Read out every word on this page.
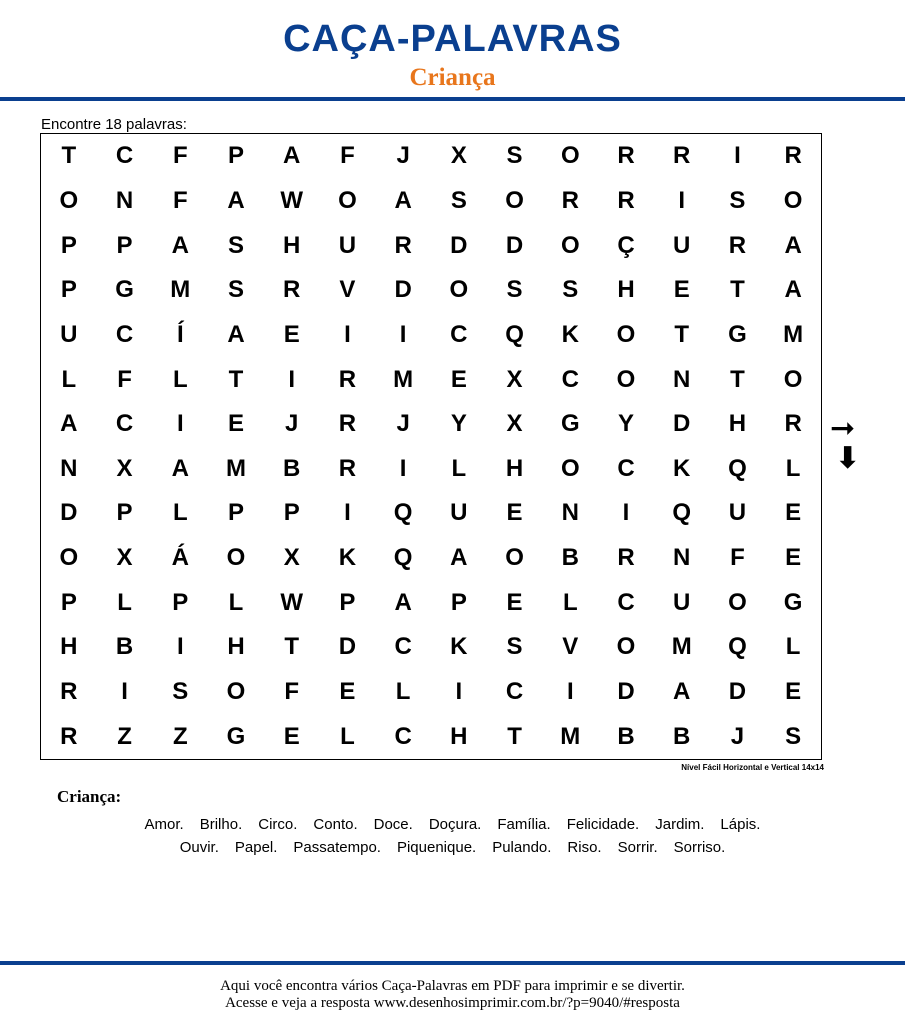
CAÇA-PALAVRAS
Criança
Encontre 18 palavras:
T	C	F	P	A	F	J	X	S	O	R	R	I	R
O	N	F	A	W	O	A	S	O	R	R	I	S	O
P	P	A	S	H	U	R	D	D	O	Ç	U	R	A
P	G	M	S	R	V	D	O	S	S	H	E	T	A
U	C	Í	A	E	I	I	C	Q	K	O	T	G	M
L	F	L	T	I	R	M	E	X	C	O	N	T	O
A	C	I	E	J	R	J	Y	X	G	Y	D	H	R
N	X	A	M	B	R	I	L	H	O	C	K	Q	L
D	P	L	P	P	I	Q	U	E	N	I	Q	U	E
O	X	Á	O	X	K	Q	A	O	B	R	N	F	E
P	L	P	L	W	P	A	P	E	L	C	U	O	G
H	B	I	H	T	D	C	K	S	V	O	M	Q	L
R	I	S	O	F	E	L	I	C	I	D	A	D	E
R	Z	Z	G	E	L	C	H	T	M	B	B	J	S
➞
⬇
Nível Fácil Horizontal e Vertical 14x14
Criança:
Amor. Brilho. Circo. Conto. Doce. Doçura. Família. Felicidade. Jardim. Lápis.
Ouvir. Papel. Passatempo. Piquenique. Pulando. Riso. Sorrir. Sorriso.
Aqui você encontra vários Caça-Palavras em PDF para imprimir e se divertir.
Acesse e veja a resposta www.desenhosimprimir.com.br/?p=9040/#resposta
